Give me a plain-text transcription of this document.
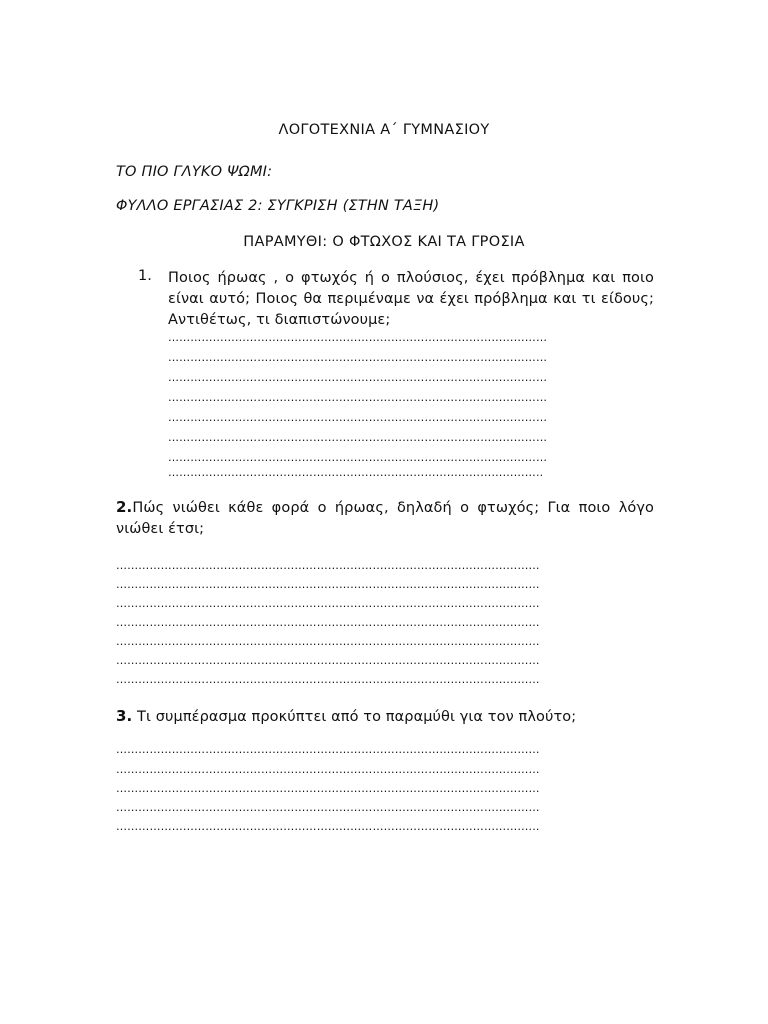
ΛΟΓΟΤΕΧΝΙΑ Α΄ ΓΥΜΝΑΣΙΟΥ
ΤΟ ΠΙΟ ΓΛΥΚΟ ΨΩΜΙ:
ΦΥΛΛΟ ΕΡΓΑΣΙΑΣ 2: ΣΥΓΚΡΙΣΗ (ΣΤΗΝ ΤΑΞΗ)
ΠΑΡΑΜΥΘΙ: Ο ΦΤΩΧΟΣ ΚΑΙ ΤΑ ΓΡΟΣΙΑ
1. Ποιος ήρωας , ο φτωχός ή ο πλούσιος, έχει πρόβλημα και ποιο είναι αυτό; Ποιος θα περιμέναμε να έχει πρόβλημα και τι είδους; Αντιθέτως, τι διαπιστώνουμε;
…………………………………………………………………………………………
…………………………………………………………………………………………
…………………………………………………………………………………………
…………………………………………………………………………………………
…………………………………………………………………………………………
…………………………………………………………………………………………
…………………………………………………………………………………………
………………………………………………………………………………………..
2.Πώς νιώθει κάθε φορά ο ήρωας, δηλαδή ο φτωχός; Για ποιο λόγο νιώθει έτσι;
……………………………………………………………………………………………………
……………………………………………………………………………………………………
……………………………………………………………………………………………………
……………………………………………………………………………………………………
……………………………………………………………………………………………………
……………………………………………………………………………………………………
…………………………………………………………………………………………………...
3. Τι συμπέρασμα προκύπτει από το παραμύθι για τον πλούτο;
……………………………………………………………………………………………………
……………………………………………………………………………………………………
……………………………………………………………………………………………………
……………………………………………………………………………………………………
…………………………………………………………………………………………………...
